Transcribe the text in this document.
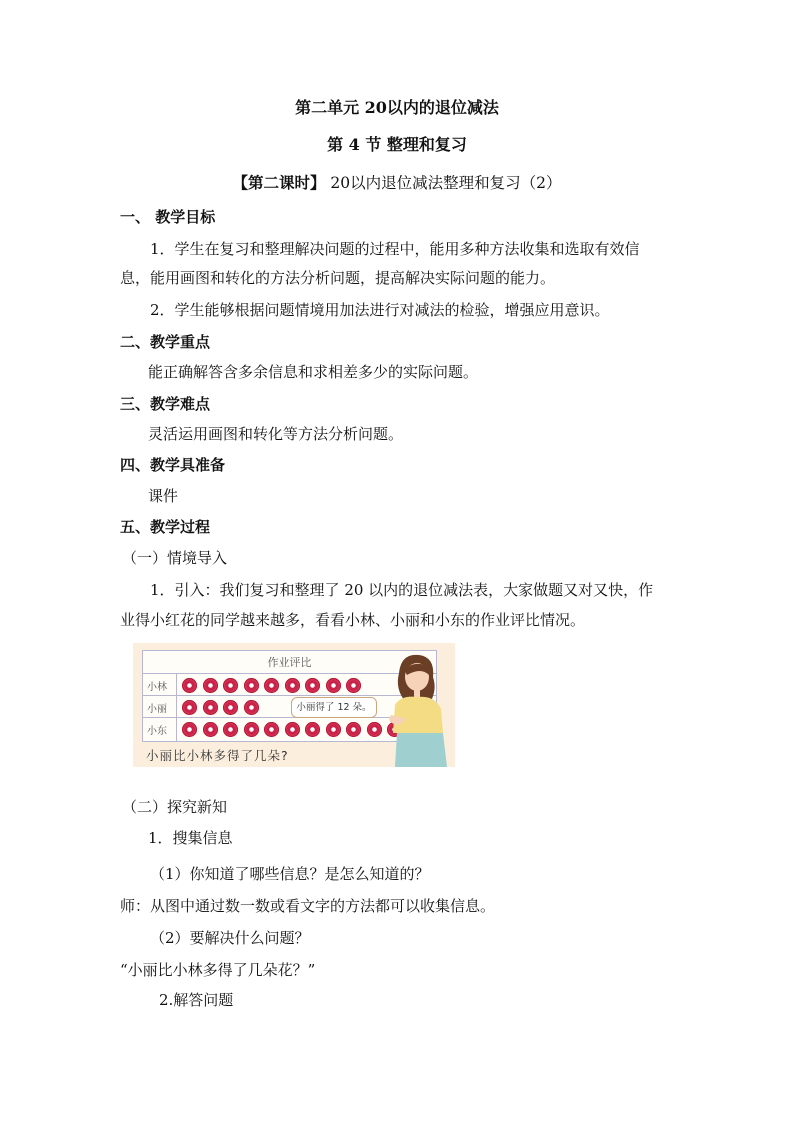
第二单元 20以内的退位减法
第 4 节 整理和复习
【第二课时】 20以内退位减法整理和复习（2）
一、 教学目标
1．学生在复习和整理解决问题的过程中，能用多种方法收集和选取有效信
息，能用画图和转化的方法分析问题，提高解决实际问题的能力。
2．学生能够根据问题情境用加法进行对减法的检验，增强应用意识。
二、教学重点
能正确解答含多余信息和求相差多少的实际问题。
三、教学难点
灵活运用画图和转化等方法分析问题。
四、教学具准备
课件
五、教学过程
（一）情境导入
1．引入：我们复习和整理了 20 以内的退位减法表，大家做题又对又快，作
业得小红花的同学越来越多，看看小林、小丽和小东的作业评比情况。
作业评比
小林
小丽
小东
小丽得了 12 朵。
小丽比小林多得了几朵?
（二）探究新知
1．搜集信息
（1）你知道了哪些信息？是怎么知道的？
师：从图中通过数一数或看文字的方法都可以收集信息。
（2）要解决什么问题？
“小丽比小林多得了几朵花？”
2.解答问题
